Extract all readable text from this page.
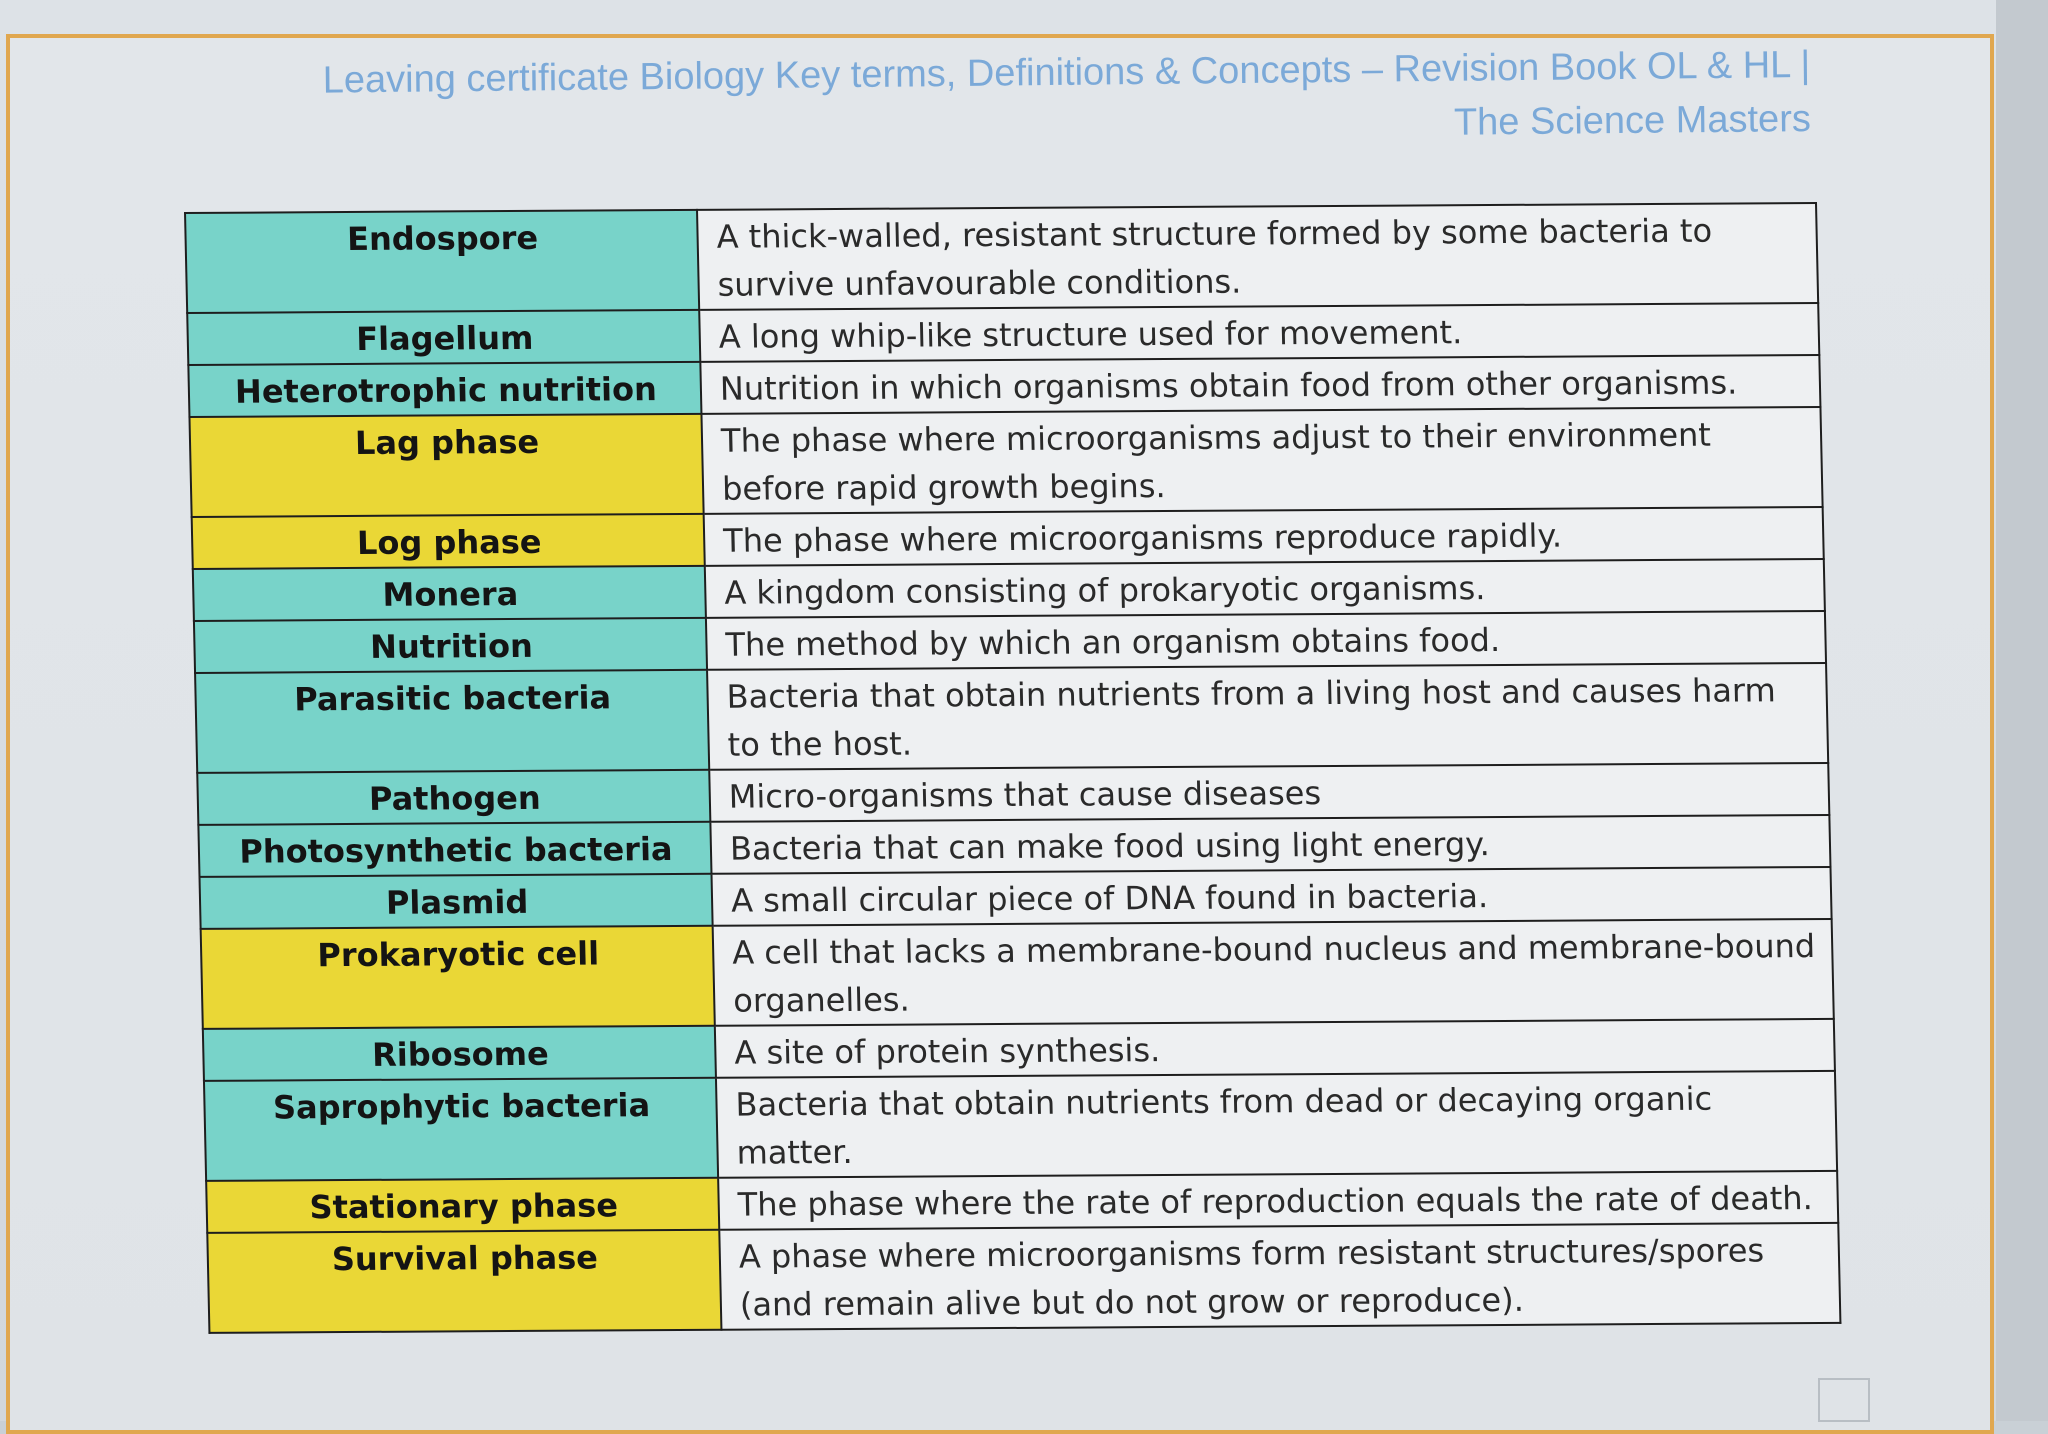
Leaving certificate Biology Key terms, Definitions & Concepts – Revision Book OL & HL |
The Science Masters
Endospore	A thick-walled, resistant structure formed by some bacteria to survive unfavourable conditions.
Flagellum	A long whip-like structure used for movement.
Heterotrophic nutrition	Nutrition in which organisms obtain food from other organisms.
Lag phase	The phase where microorganisms adjust to their environment before rapid growth begins.
Log phase	The phase where microorganisms reproduce rapidly.
Monera	A kingdom consisting of prokaryotic organisms.
Nutrition	The method by which an organism obtains food.
Parasitic bacteria	Bacteria that obtain nutrients from a living host and causes harm to the host.
Pathogen	Micro-organisms that cause diseases
Photosynthetic bacteria	Bacteria that can make food using light energy.
Plasmid	A small circular piece of DNA found in bacteria.
Prokaryotic cell	A cell that lacks a membrane-bound nucleus and membrane-bound organelles.
Ribosome	A site of protein synthesis.
Saprophytic bacteria	Bacteria that obtain nutrients from dead or decaying organic matter.
Stationary phase	The phase where the rate of reproduction equals the rate of death.
Survival phase	A phase where microorganisms form resistant structures/spores (and remain alive but do not grow or reproduce).
